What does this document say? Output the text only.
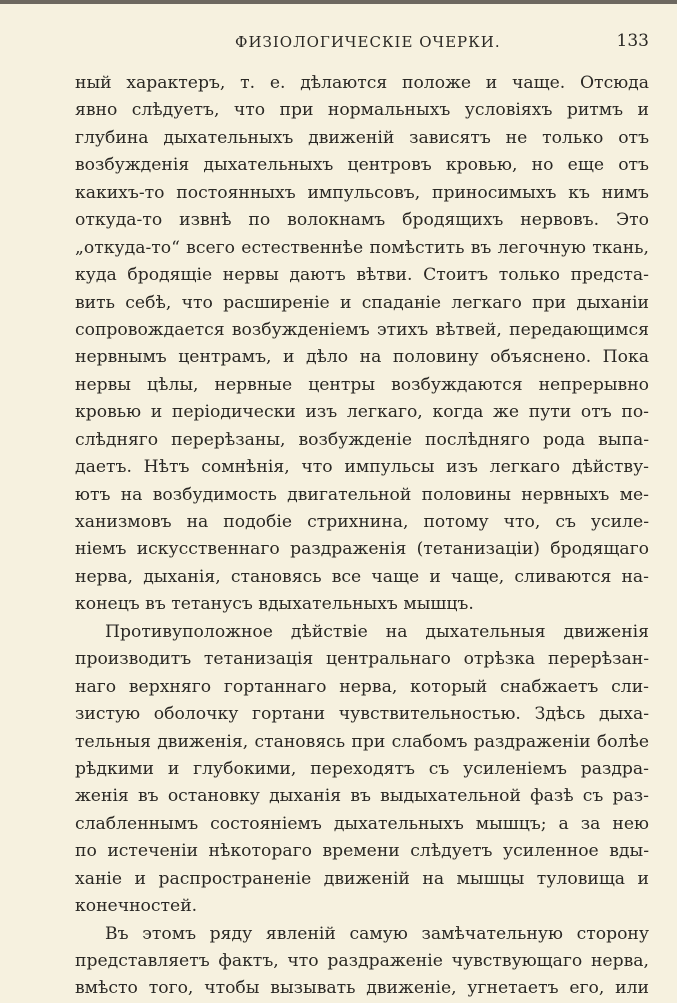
ФИЗІОЛОГИЧЕСКІЕ ОЧЕРКИ.	133

ный характеръ, т. е. дѣлаются положе и чаще. Отсюда
явно слѣдуетъ, что при нормальныхъ условіяхъ ритмъ и
глубина дыхательныхъ движеній зависятъ не только отъ
возбужденія дыхательныхъ центровъ кровью, но еще отъ
какихъ-то постоянныхъ импульсовъ, приносимыхъ къ нимъ
откуда-то извнѣ по волокнамъ бродящихъ нервовъ. Это
„откуда-то“ всего естественнѣе помѣстить въ легочную ткань,
куда бродящіе нервы даютъ вѣтви. Стоитъ только предста-
вить себѣ, что расширеніе и спаданіе легкаго при дыханіи
сопровождается возбужденіемъ этихъ вѣтвей, передающимся
нервнымъ центрамъ, и дѣло на половину объяснено. Пока
нервы цѣлы, нервные центры возбуждаются непрерывно
кровью и періодически изъ легкаго, когда же пути отъ по-
слѣдняго перерѣзаны, возбужденіе послѣдняго рода выпа-
даетъ. Нѣтъ сомнѣнія, что импульсы изъ легкаго дѣйству-
ютъ на возбудимость двигательной половины нервныхъ ме-
ханизмовъ на подобіе стрихнина, потому что, съ усиле-
ніемъ искусственнаго раздраженія (тетанизаціи) бродящаго
нерва, дыханія, становясь все чаще и чаще, сливаются на-
конецъ въ тетанусъ вдыхательныхъ мышцъ.

Противуположное дѣйствіе на дыхательныя движенія
производитъ тетанизація центральнаго отрѣзка перерѣзан-
наго верхняго гортаннаго нерва, который снабжаетъ сли-
зистую оболочку гортани чувствительностью. Здѣсь дыха-
тельныя движенія, становясь при слабомъ раздраженіи болѣе
рѣдкими и глубокими, переходятъ съ усиленіемъ раздра-
женія въ остановку дыханія въ выдыхательной фазѣ съ раз-
слабленнымъ состояніемъ дыхательныхъ мышцъ; а за нею
по истеченіи нѣкотораго времени слѣдуетъ усиленное вды-
ханіе и распространеніе движеній на мышцы туловища и
конечностей.

Въ этомъ ряду явленій самую замѣчательную сторону
представляетъ фактъ, что раздраженіе чувствующаго нерва,
вмѣсто того, чтобы вызывать движеніе, угнетаетъ его, или
